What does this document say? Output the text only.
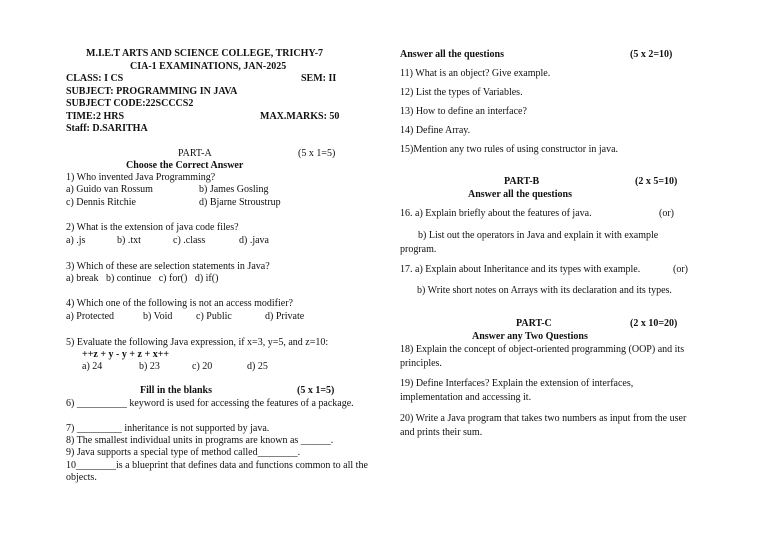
M.I.E.T ARTS AND SCIENCE COLLEGE, TRICHY-7
CIA-1 EXAMINATIONS, JAN-2025
CLASS: I CS	SEM: II
SUBJECT: PROGRAMMING IN JAVA
SUBJECT CODE:22SCCCS2
TIME:2 HRS	MAX.MARKS: 50
Staff: D.SARITHA
PART-A	(5 x 1=5)
Choose the Correct Answer
1) Who invented Java Programming?
a) Guido van Rossum	b) James Gosling
c) Dennis Ritchie	d) Bjarne Stroustrup
2) What is the extension of java code files?
a) .js	b) .txt	c) .class	d) .java
3) Which of these are selection statements in Java?
a) break   b) continue   c) for()   d) if()
4) Which one of the following is not an access modifier?
a) Protected	b) Void c) Public	d) Private
5) Evaluate the following Java expression, if x=3, y=5, and z=10:
++z + y - y + z + x++
a) 24	b) 23	c) 20	d) 25
Fill in the blanks	(5 x 1=5)
6) __________ keyword is used for accessing the features of a package.
7) _________ inheritance is not supported by java.
8) The smallest individual units in programs are known as ______.
9) Java supports a special type of method called________.
10________is a blueprint that defines data and functions common to all the objects.
Answer all the questions	(5 x 2=10)
11) What is an object? Give example.
12) List the types of Variables.
13) How to define an interface?
14) Define Array.
15)Mention any two rules of using constructor in java.
PART-B	(2 x 5=10)
Answer all the questions
16. a) Explain briefly about the features of java.	(or)
b) List out the operators in Java and explain it with example program.
17. a) Explain about Inheritance and its types with example.	(or)
b) Write short notes on Arrays with its declaration and its types.
PART-C	(2 x 10=20)
Answer any Two Questions
18) Explain the concept of object-oriented programming (OOP) and its principles.
19) Define Interfaces? Explain the extension of interfaces, implementation and accessing it.
20) Write a Java program that takes two numbers as input from the user and prints their sum.
